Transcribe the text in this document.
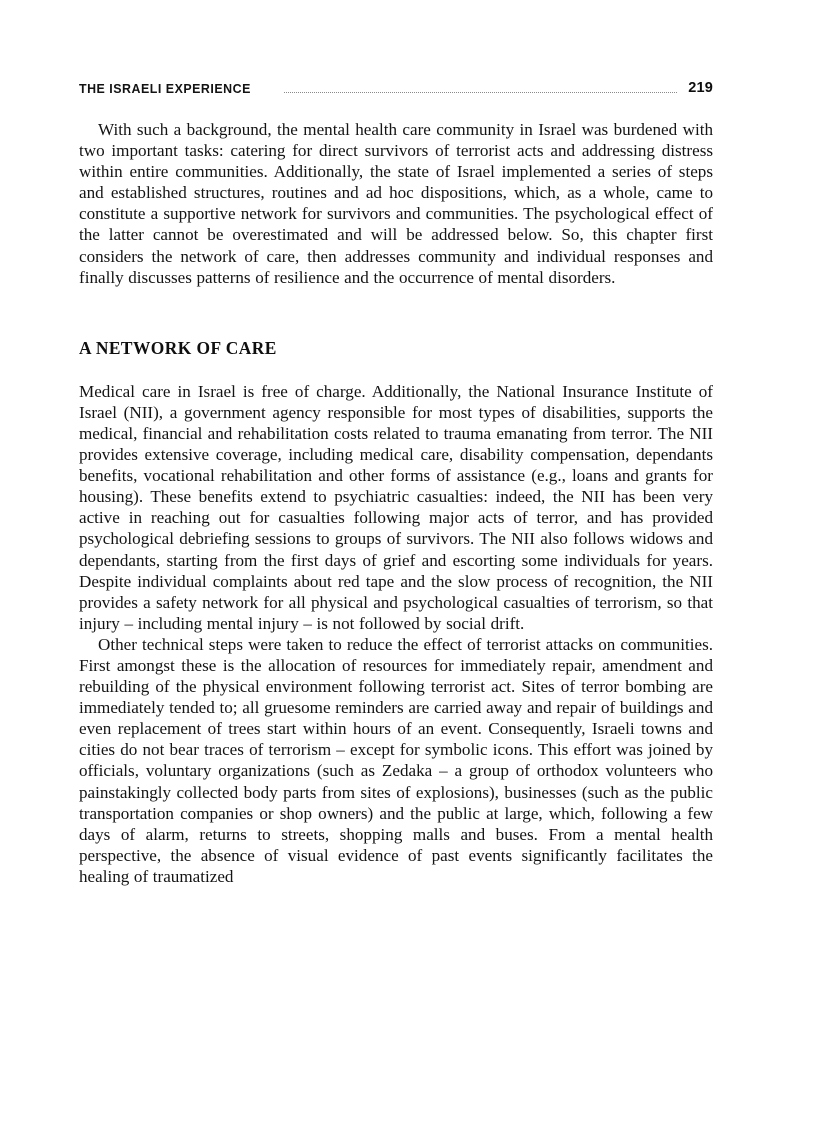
THE ISRAELI EXPERIENCE	219

With such a background, the mental health care community in Israel was burdened with two important tasks: catering for direct survivors of terrorist acts and addressing distress within entire communities. Additionally, the state of Israel implemented a series of steps and established structures, routines and ad hoc dispositions, which, as a whole, came to constitute a supportive network for survivors and communities. The psychological effect of the latter cannot be overestimated and will be addressed below. So, this chapter first considers the network of care, then addresses community and individual responses and finally discusses patterns of resilience and the occurrence of mental disorders.

A NETWORK OF CARE

Medical care in Israel is free of charge. Additionally, the National Insurance Institute of Israel (NII), a government agency responsible for most types of disabilities, supports the medical, financial and rehabilitation costs related to trauma emanating from terror. The NII provides extensive coverage, including medical care, disability compensation, dependants benefits, vocational rehabilitation and other forms of assistance (e.g., loans and grants for housing). These benefits extend to psychiatric casualties: indeed, the NII has been very active in reaching out for casualties following major acts of terror, and has provided psychological debriefing sessions to groups of survivors. The NII also follows widows and dependants, starting from the first days of grief and escorting some individuals for years. Despite individual complaints about red tape and the slow process of recognition, the NII provides a safety network for all physical and psychological casualties of terrorism, so that injury – including mental injury – is not followed by social drift.

Other technical steps were taken to reduce the effect of terrorist attacks on communities. First amongst these is the allocation of resources for immediately repair, amendment and rebuilding of the physical environment following terrorist act. Sites of terror bombing are immediately tended to; all gruesome reminders are carried away and repair of buildings and even replacement of trees start within hours of an event. Consequently, Israeli towns and cities do not bear traces of terrorism – except for symbolic icons. This effort was joined by officials, voluntary organizations (such as Zedaka – a group of orthodox volunteers who painstakingly collected body parts from sites of explosions), businesses (such as the public transportation companies or shop owners) and the public at large, which, following a few days of alarm, returns to streets, shopping malls and buses. From a mental health perspective, the absence of visual evidence of past events significantly facilitates the healing of traumatized
